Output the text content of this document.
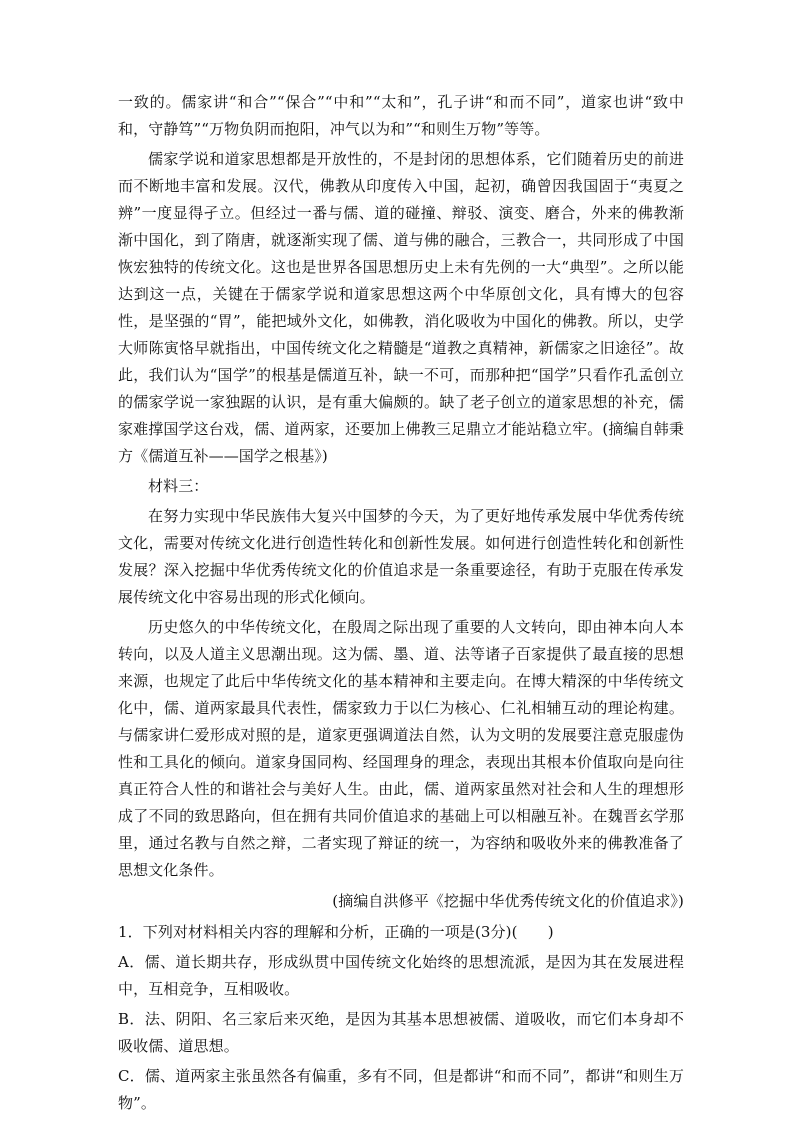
一致的。儒家讲“和合”“保合”“中和”“太和”，孔子讲“和而不同”，道家也讲“致中和，守静笃”“万物负阴而抱阳，冲气以为和”“和则生万物”等等。

儒家学说和道家思想都是开放性的，不是封闭的思想体系，它们随着历史的前进而不断地丰富和发展。汉代，佛教从印度传入中国，起初，确曾因我国固于“夷夏之辨”一度显得孑立。但经过一番与儒、道的碰撞、辩驳、演变、磨合，外来的佛教渐渐中国化，到了隋唐，就逐渐实现了儒、道与佛的融合，三教合一，共同形成了中国恢宏独特的传统文化。这也是世界各国思想历史上未有先例的一大“典型”。之所以能达到这一点，关键在于儒家学说和道家思想这两个中华原创文化，具有博大的包容性，是坚强的“胃”，能把域外文化，如佛教，消化吸收为中国化的佛教。所以，史学大师陈寅恪早就指出，中国传统文化之精髓是“道教之真精神，新儒家之旧途径”。故此，我们认为“国学”的根基是儒道互补，缺一不可，而那种把“国学”只看作孔孟创立的儒家学说一家独踞的认识，是有重大偏颇的。缺了老子创立的道家思想的补充，儒家难撑国学这台戏，儒、道两家，还要加上佛教三足鼎立才能站稳立牢。(摘编自韩秉方《儒道互补——国学之根基》)

材料三：

在努力实现中华民族伟大复兴中国梦的今天，为了更好地传承发展中华优秀传统文化，需要对传统文化进行创造性转化和创新性发展。如何进行创造性转化和创新性发展？深入挖掘中华优秀传统文化的价值追求是一条重要途径，有助于克服在传承发展传统文化中容易出现的形式化倾向。

历史悠久的中华传统文化，在殷周之际出现了重要的人文转向，即由神本向人本转向，以及人道主义思潮出现。这为儒、墨、道、法等诸子百家提供了最直接的思想来源，也规定了此后中华传统文化的基本精神和主要走向。在博大精深的中华传统文化中，儒、道两家最具代表性，儒家致力于以仁为核心、仁礼相辅互动的理论构建。与儒家讲仁爱形成对照的是，道家更强调道法自然，认为文明的发展要注意克服虚伪性和工具化的倾向。道家身国同构、经国理身的理念，表现出其根本价值取向是向往真正符合人性的和谐社会与美好人生。由此，儒、道两家虽然对社会和人生的理想形成了不同的致思路向，但在拥有共同价值追求的基础上可以相融互补。在魏晋玄学那里，通过名教与自然之辩，二者实现了辩证的统一，为容纳和吸收外来的佛教准备了思想文化条件。

(摘编自洪修平《挖掘中华优秀传统文化的价值追求》)

1．下列对材料相关内容的理解和分析，正确的一项是(3分)(　　)

A．儒、道长期共存，形成纵贯中国传统文化始终的思想流派，是因为其在发展进程中，互相竞争，互相吸收。

B．法、阴阳、名三家后来灭绝，是因为其基本思想被儒、道吸收，而它们本身却不吸收儒、道思想。

C．儒、道两家主张虽然各有偏重，多有不同，但是都讲“和而不同”，都讲“和则生万物”。
